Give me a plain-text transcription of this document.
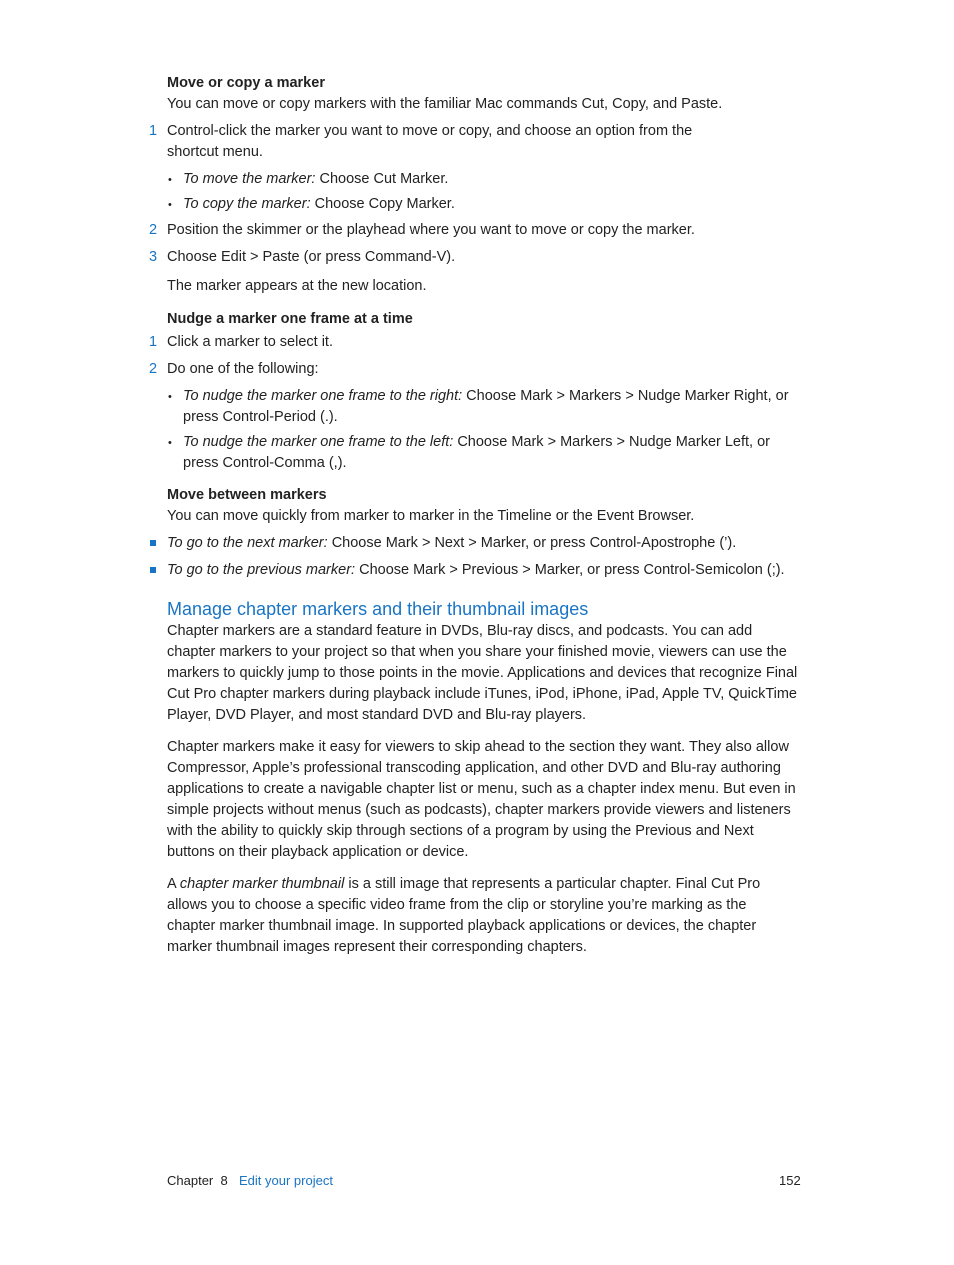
Move or copy a marker

You can move or copy markers with the familiar Mac commands Cut, Copy, and Paste.

1 Control-click the marker you want to move or copy, and choose an option from the shortcut menu.

• To move the marker: Choose Cut Marker.

• To copy the marker: Choose Copy Marker.

2 Position the skimmer or the playhead where you want to move or copy the marker.

3 Choose Edit > Paste (or press Command-V).

The marker appears at the new location.

Nudge a marker one frame at a time

1 Click a marker to select it.

2 Do one of the following:

• To nudge the marker one frame to the right: Choose Mark > Markers > Nudge Marker Right, or press Control-Period (.).

• To nudge the marker one frame to the left: Choose Mark > Markers > Nudge Marker Left, or press Control-Comma (,).

Move between markers

You can move quickly from marker to marker in the Timeline or the Event Browser.

To go to the next marker: Choose Mark > Next > Marker, or press Control-Apostrophe (’).

To go to the previous marker: Choose Mark > Previous > Marker, or press Control-Semicolon (;).

Manage chapter markers and their thumbnail images

Chapter markers are a standard feature in DVDs, Blu-ray discs, and podcasts. You can add chapter markers to your project so that when you share your finished movie, viewers can use the markers to quickly jump to those points in the movie. Applications and devices that recognize Final Cut Pro chapter markers during playback include iTunes, iPod, iPhone, iPad, Apple TV, QuickTime Player, DVD Player, and most standard DVD and Blu-ray players.

Chapter markers make it easy for viewers to skip ahead to the section they want. They also allow Compressor, Apple’s professional transcoding application, and other DVD and Blu-ray authoring applications to create a navigable chapter list or menu, such as a chapter index menu. But even in simple projects without menus (such as podcasts), chapter markers provide viewers and listeners with the ability to quickly skip through sections of a program by using the Previous and Next buttons on their playback application or device.

A chapter marker thumbnail is a still image that represents a particular chapter. Final Cut Pro allows you to choose a specific video frame from the clip or storyline you’re marking as the chapter marker thumbnail image. In supported playback applications or devices, the chapter marker thumbnail images represent their corresponding chapters.

Chapter  8 Edit your project	152
